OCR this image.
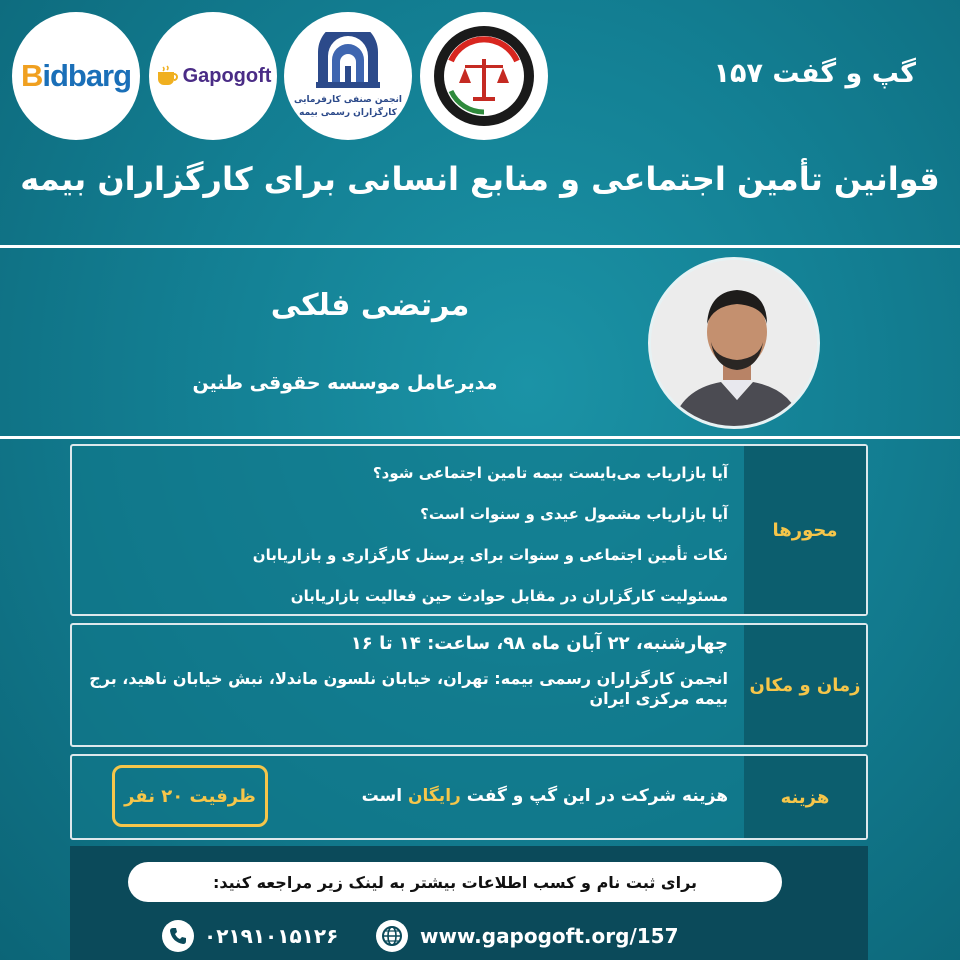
Bidbarg	Gapogoft
انجمن صنفی کارفرمایی کارگزاران رسمی بیمه
گپ و گفت ۱۵۷
قوانین تأمین اجتماعی و منابع انسانی برای کارگزاران بیمه
مرتضی فلکی
مدیرعامل موسسه حقوقی طنین
محورها
آیا بازاریاب می‌بایست بیمه تامین اجتماعی شود؟
آیا بازاریاب مشمول عیدی و سنوات است؟
نکات تأمین اجتماعی و سنوات برای پرسنل کارگزاری و بازاریابان
مسئولیت کارگزاران در مقابل حوادث حین فعالیت بازاریابان
زمان و مکان
چهارشنبه، ۲۲ آبان ماه ۹۸، ساعت: ۱۴ تا ۱۶
انجمن کارگزاران رسمی بیمه: تهران، خیابان نلسون ماندلا، نبش خیابان ناهید، برج بیمه مرکزی ایران
هزینه
هزینه شرکت در این گپ و گفت رایگان است
ظرفیت ۲۰ نفر
برای ثبت نام و کسب اطلاعات بیشتر به لینک زیر مراجعه کنید:
۰۲۱۹۱۰۱۵۱۲۶	www.gapogoft.org/157
